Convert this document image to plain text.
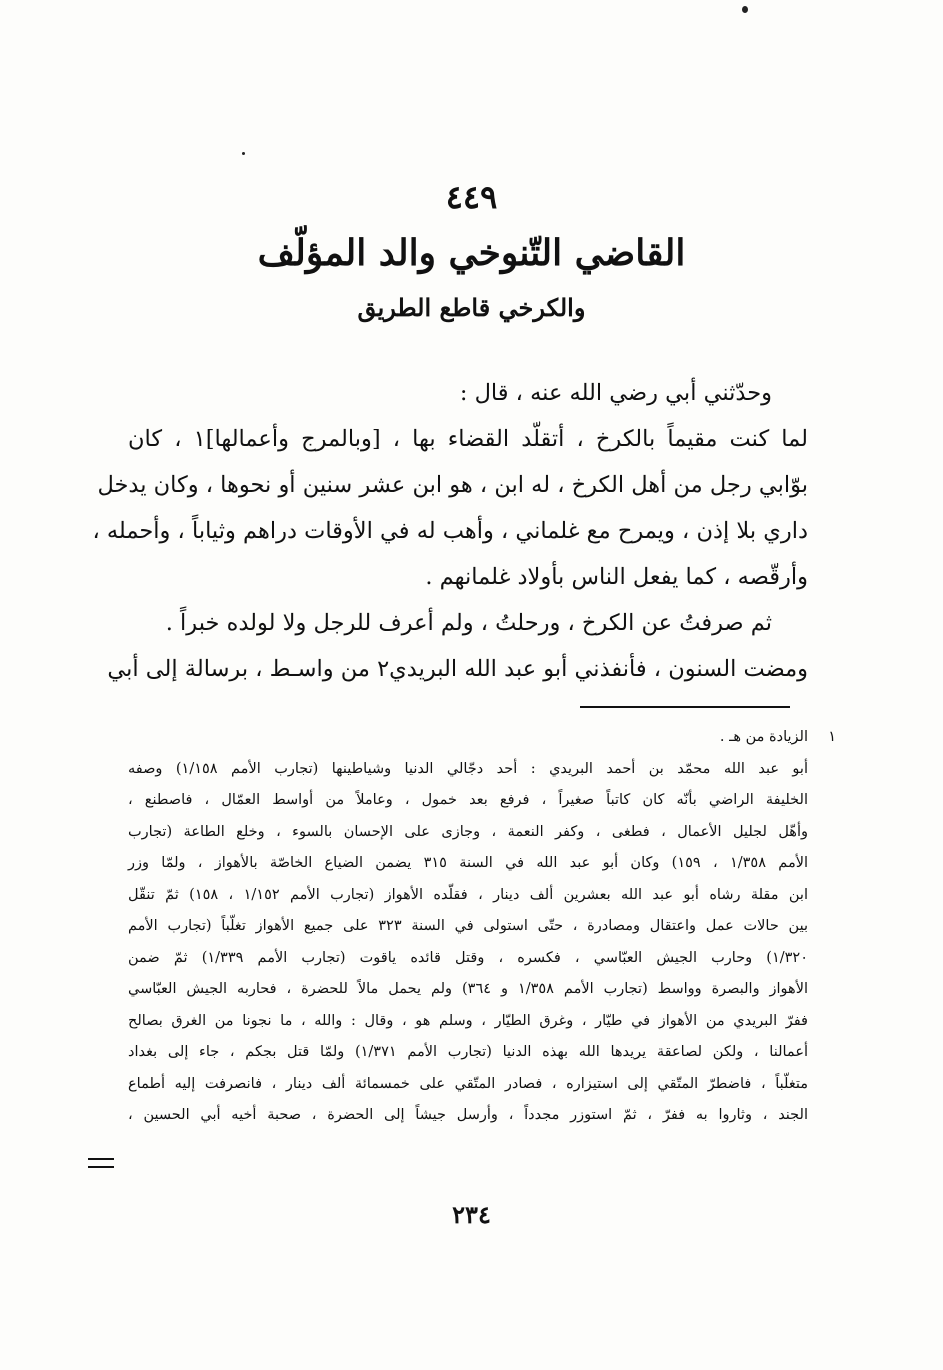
٤٤٩
القاضي التّنوخي والد المؤلّف
والكرخي قاطع الطريق
وحدّثني أبي رضي الله عنه ، قال :
لما كنت مقيماً بالكرخ ، أتقلّد القضاء بها ، [وبالمرج وأعمالها]١ ، كان
بوّابي رجل من أهل الكرخ ، له ابن ، هو ابن عشر سنين أو نحوها ، وكان يدخل
داري بلا إذن ، ويمرح مع غلماني ، وأهب له في الأوقات دراهم وثياباً ، وأحمله ،
وأرقّصه ، كما يفعل الناس بأولاد غلمانهم .
ثم صرفتُ عن الكرخ ، ورحلتُ ، ولم أعرف للرجل ولا لولده خبراً .
ومضت السنون ، فأنفذني أبو عبد الله البريدي٢ من واسـط ، برسالة إلى أبي
١
الزيادة من هـ .
أبو عبد الله محمّد بن أحمد البريدي : أحد دجّالي الدنيا وشياطينها (تجارب الأمم ١/١٥٨) وصفه
الخليفة الراضي بأنّه كان كاتباً صغيراً ، فرفع بعد خمول ، وعاملاً من أواسط العمّال ، فاصطنع ،
وأهّل لجليل الأعمال ، فطغى ، وكفر النعمة ، وجازى على الإحسان بالسوء ، وخلع الطاعة (تجارب
الأمم ١/٣٥٨ ، ١٥٩) وكان أبو عبد الله في السنة ٣١٥ يضمن الضياع الخاصّة بالأهواز ، ولمّا وزر
ابن مقلة رشاه أبو عبد الله بعشرين ألف دينار ، فقلّده الأهواز (تجارب الأمم ١/١٥٢ ، ١٥٨) ثمّ تنقّل
بين حالات عمل واعتقال ومصادرة ، حتّى استولى في السنة ٣٢٣ على جميع الأهواز تغلّباً (تجارب الأمم
١/٣٢٠) وحارب الجيش العبّاسي ، فكسره ، وقتل قائده ياقوت (تجارب الأمم ١/٣٣٩) ثمّ ضمن
الأهواز والبصرة وواسط (تجارب الأمم ١/٣٥٨ و ٣٦٤) ولم يحمل مالاً للحضرة ، فحاربه الجيش العبّاسي
ففرّ البريدي من الأهواز في طيّار ، وغرق الطيّار ، وسلم هو ، وقال : والله ، ما نجونا من الغرق بصالح
أعمالنا ، ولكن لصاعقة يريدها الله بهذه الدنيا (تجارب الأمم ١/٣٧١) ولمّا قتل بجكم ، جاء إلى بغداد
متغلّباً ، فاضطرّ المتّقي إلى استيزاره ، فصادر المتّقي على خمسمائة ألف دينار ، فانصرفت إليه أطماع
الجند ، وثاروا به ففرّ ، ثمّ استوزر مجدداً ، وأرسل جيشاً إلى الحضرة ، صحبة أخيه أبي الحسين ،
٢٣٤
